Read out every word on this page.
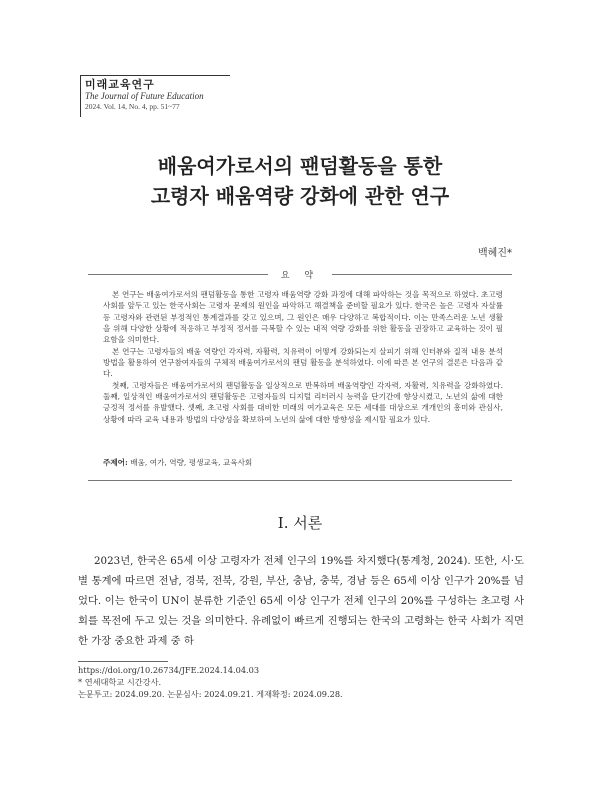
미래교육연구
The Journal of Future Education
2024. Vol. 14, No. 4, pp. 51~77
배움여가로서의 팬덤활동을 통한
고령자 배움역량 강화에 관한 연구
백혜진*
요 약

본 연구는 배움여가로서의 팬덤활동을 통한 고령자 배움역량 강화 과정에 대해 파악하는 것을 목적으로 하였다. 초고령 사회를 앞두고 있는 한국사회는 고령자 문제의 원인을 파악하고 해결책을 준비할 필요가 있다. 한국은 높은 고령자 자살률 등 고령자와 관련된 부정적인 통계결과를 갖고 있으며, 그 원인은 매우 다양하고 복합적이다. 이는 만족스러운 노년 생활을 위해 다양한 상황에 적응하고 부정적 정서를 극복할 수 있는 내적 역량 강화를 위한 활동을 권장하고 교육하는 것이 필요함을 의미한다.

본 연구는 고령자들의 배움 역량인 각자력, 자활력, 치유력이 어떻게 강화되는지 살피기 위해 인터뷰와 질적 내용 분석 방법을 활용하여 연구참여자들의 구체적 배움여가로서의 팬덤 활동을 분석하였다. 이에 따른 본 연구의 결론은 다음과 같다.

첫째, 고령자들은 배움여가로서의 팬덤활동을 일상적으로 반복하며 배움역량인 각자력, 자활력, 치유력을 강화하였다. 둘째, 일상적인 배움여가로서의 팬덤활동은 고령자들의 디지털 리터러시 능력을 단기간에 향상시켰고, 노년의 삶에 대한 긍정적 정서를 유발했다. 셋째, 초고령 사회를 대비한 미래의 여가교육은 모든 세대를 대상으로 개개인의 흥미와 관심사, 상황에 따라 교육 내용과 방법의 다양성을 확보하여 노년의 삶에 대한 방향성을 제시할 필요가 있다.

주제어: 배움, 여가, 역량, 평생교육, 교육사회
Ⅰ. 서론

2023년, 한국은 65세 이상 고령자가 전체 인구의 19%를 차지했다(통계청, 2024). 또한, 시·도별 통계에 따르면 전남, 경북, 전북, 강원, 부산, 충남, 충북, 경남 등은 65세 이상 인구가 20%를 넘었다. 이는 한국이 UN이 분류한 기준인 65세 이상 인구가 전체 인구의 20%를 구성하는 초고령 사회를 목전에 두고 있는 것을 의미한다. 유례없이 빠르게 진행되는 한국의 고령화는 한국 사회가 직면한 가장 중요한 과제 중 하

https://doi.org/10.26734/JFE.2024.14.04.03
* 연세대학교 시간강사.
논문투고: 2024.09.20. 논문심사: 2024.09.21. 게재확정: 2024.09.28.
